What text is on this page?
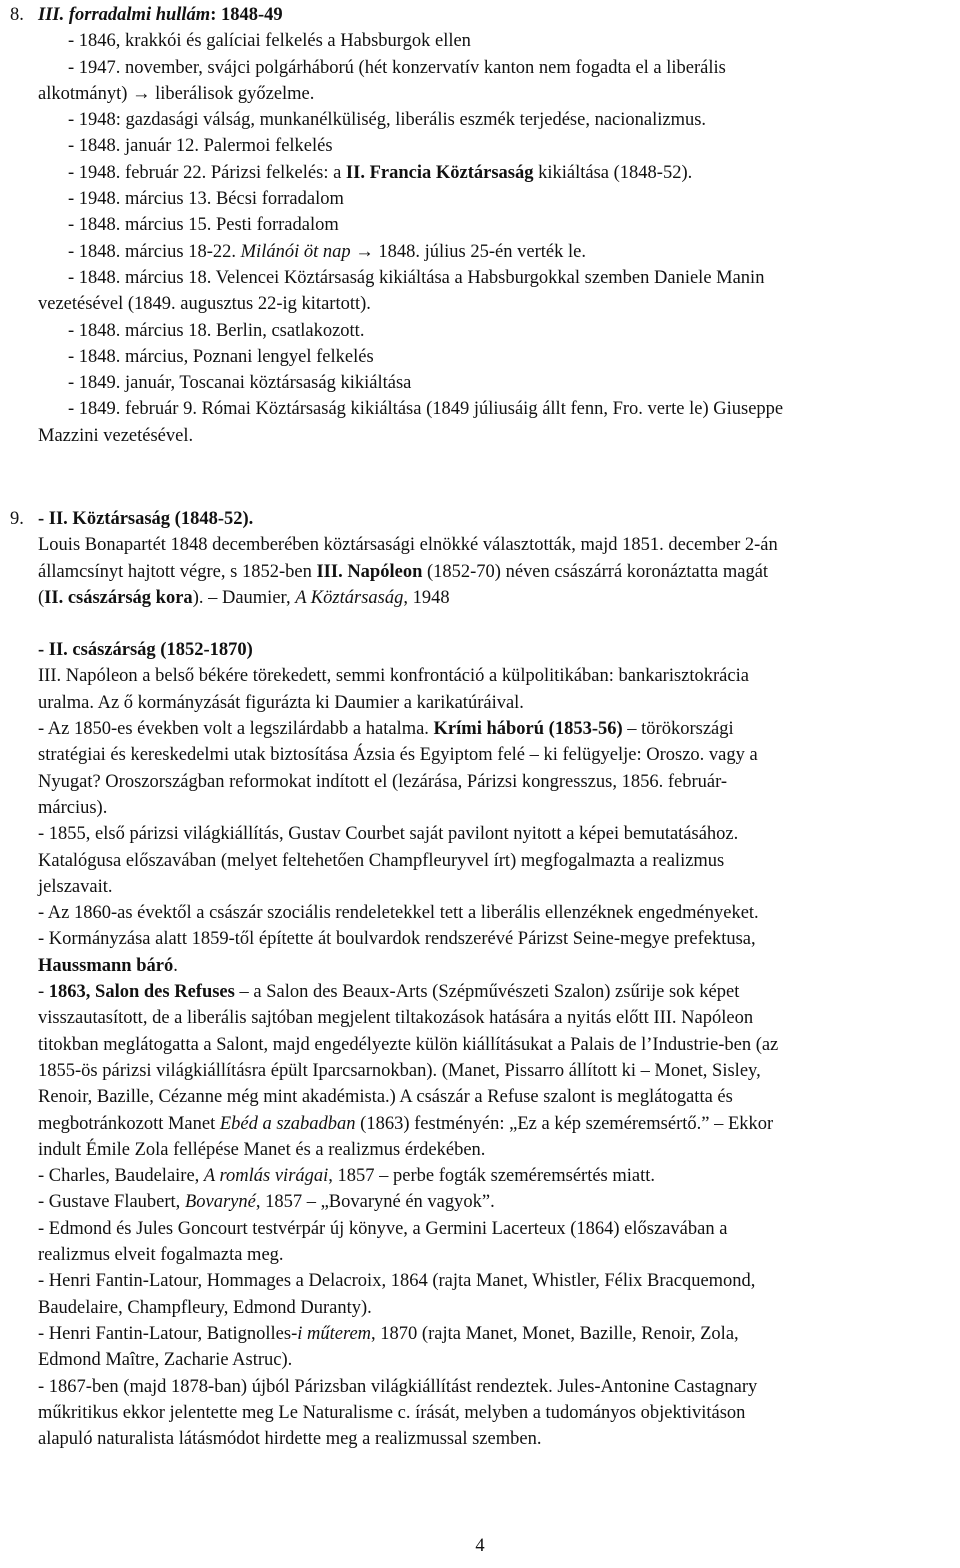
8. III. forradalmi hullám: 1848-49

- 1846, krakkói és galíciai felkelés a Habsburgok ellen

- 1947. november, svájci polgárháború (hét konzervatív kanton nem fogadta el a liberális

alkotmányt) → liberálisok győzelme.

- 1948: gazdasági válság, munkanélküliség, liberális eszmék terjedése, nacionalizmus.

- 1848. január 12. Palermoi felkelés

- 1948. február 22. Párizsi felkelés: a II. Francia Köztársaság kikiáltása (1848-52).

- 1948. március 13. Bécsi forradalom

- 1848. március 15. Pesti forradalom

- 1848. március 18-22. Milánói öt nap → 1848. július 25-én verték le.

- 1848. március 18. Velencei Köztársaság kikiáltása a Habsburgokkal szemben Daniele Manin

vezetésével (1849. augusztus 22-ig kitartott).

- 1848. március 18. Berlin, csatlakozott.

- 1848. március, Poznani lengyel felkelés

- 1849. január, Toscanai köztársaság kikiáltása

- 1849. február 9. Római Köztársaság kikiáltása (1849 júliusáig állt fenn, Fro. verte le) Giuseppe

Mazzini vezetésével.

9. - II. Köztársaság (1848-52).

Louis Bonapartét 1848 decemberében köztársasági elnökké választották, majd 1851. december 2-án

államcsínyt hajtott végre, s 1852-ben III. Napóleon (1852-70) néven császárrá koronáztatta magát

(II. császárság kora). – Daumier, A Köztársaság, 1948

- II. császárság (1852-1870)

III. Napóleon a belső békére törekedett, semmi konfrontáció a külpolitikában: bankarisztokrácia

uralma. Az ő kormányzását figurázta ki Daumier a karikatúráival.

- Az 1850-es években volt a legszilárdabb a hatalma. Krími háború (1853-56) – törökországi

stratégiai és kereskedelmi utak biztosítása Ázsia és Egyiptom felé – ki felügyelje: Oroszo. vagy a

Nyugat? Oroszországban reformokat indított el (lezárása, Párizsi kongresszus, 1856. február-

március).

- 1855, első párizsi világkiállítás, Gustav Courbet saját pavilont nyitott a képei bemutatásához.

Katalógusa előszavában (melyet feltehetően Champfleuryvel írt) megfogalmazta a realizmus

jelszavait.

- Az 1860-as évektől a császár szociális rendeletekkel tett a liberális ellenzéknek engedményeket.

- Kormányzása alatt 1859-től építette át boulvardok rendszerévé Párizst Seine-megye prefektusa,

Haussmann báró.

- 1863, Salon des Refuses – a Salon des Beaux-Arts (Szépművészeti Szalon) zsűrije sok képet

visszautasított, de a liberális sajtóban megjelent tiltakozások hatására a nyitás előtt III. Napóleon

titokban meglátogatta a Salont, majd engedélyezte külön kiállításukat a Palais de l’Industrie-ben (az

1855-ös párizsi világkiállításra épült Iparcsarnokban). (Manet, Pissarro állított ki – Monet, Sisley,

Renoir, Bazille, Cézanne még mint akadémista.) A császár a Refuse szalont is meglátogatta és

megbotránkozott Manet Ebéd a szabadban (1863) festményén: „Ez a kép szeméremsértő.” – Ekkor

indult Émile Zola fellépése Manet és a realizmus érdekében.

- Charles, Baudelaire, A romlás virágai, 1857 – perbe fogták szeméremsértés miatt.

- Gustave Flaubert, Bovaryné, 1857 – „Bovaryné én vagyok”.

- Edmond és Jules Goncourt testvérpár új könyve, a Germini Lacerteux (1864) előszavában a

realizmus elveit fogalmazta meg.

- Henri Fantin-Latour, Hommages a Delacroix, 1864 (rajta Manet, Whistler, Félix Bracquemond,

Baudelaire, Champfleury, Edmond Duranty).

- Henri Fantin-Latour, Batignolles-i műterem, 1870 (rajta Manet, Monet, Bazille, Renoir, Zola,

Edmond Maître, Zacharie Astruc).

- 1867-ben (majd 1878-ban) újból Párizsban világkiállítást rendeztek. Jules-Antonine Castagnary

műkritikus ekkor jelentette meg Le Naturalisme c. írását, melyben a tudományos objektivitáson

alapuló naturalista látásmódot hirdette meg a realizmussal szemben.

4
